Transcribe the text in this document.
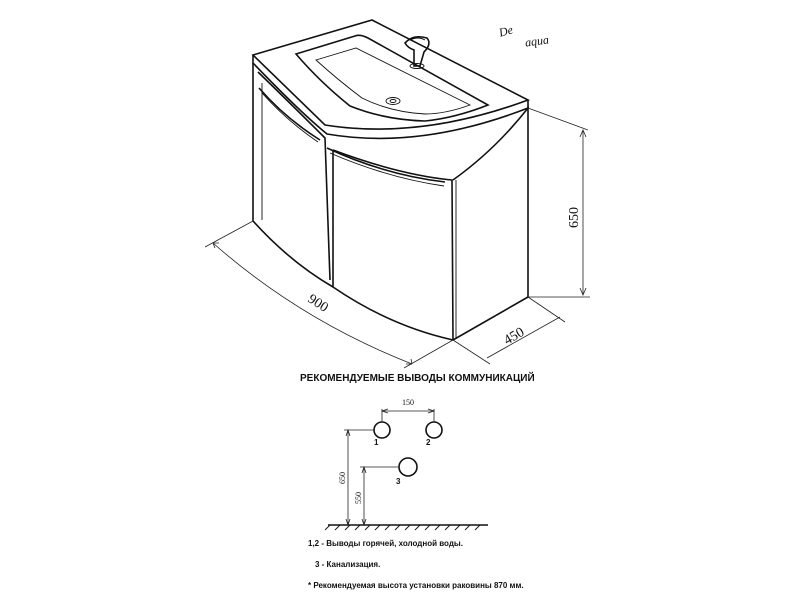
900
450
650
1	2
3
150
650
550
De
aqua
РЕКОМЕНДУЕМЫЕ ВЫВОДЫ КОММУНИКАЦИЙ
1,2 - Выводы горячей, холодной воды.
3 - Канализация.
* Рекомендуемая высота установки раковины 870 мм.
